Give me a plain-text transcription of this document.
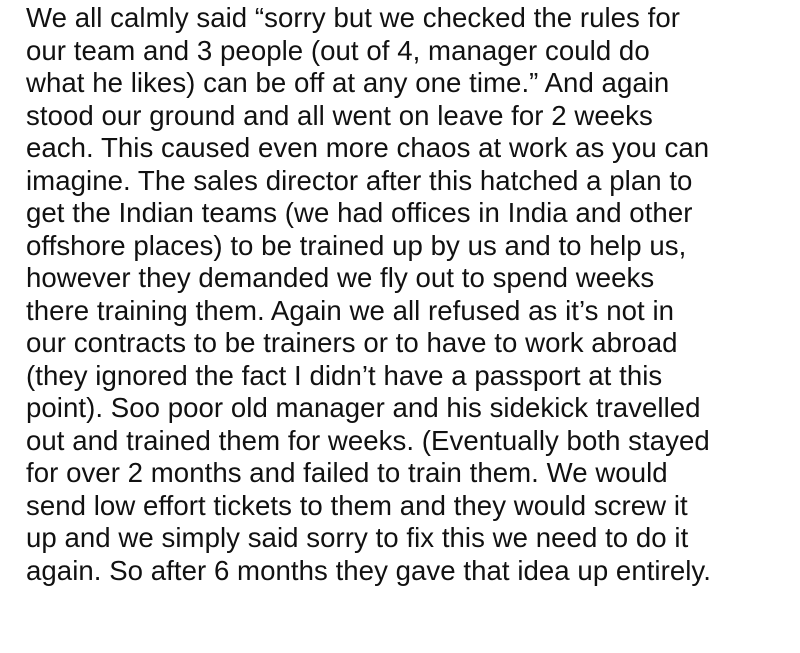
We all calmly said “sorry but we checked the rules for
our team and 3 people (out of 4, manager could do
what he likes) can be off at any one time.” And again
stood our ground and all went on leave for 2 weeks
each. This caused even more chaos at work as you can
imagine. The sales director after this hatched a plan to
get the Indian teams (we had offices in India and other
offshore places) to be trained up by us and to help us,
however they demanded we fly out to spend weeks
there training them. Again we all refused as it’s not in
our contracts to be trainers or to have to work abroad
(they ignored the fact I didn’t have a passport at this
point). Soo poor old manager and his sidekick travelled
out and trained them for weeks. (Eventually both stayed
for over 2 months and failed to train them. We would
send low effort tickets to them and they would screw it
up and we simply said sorry to fix this we need to do it
again. So after 6 months they gave that idea up entirely.
